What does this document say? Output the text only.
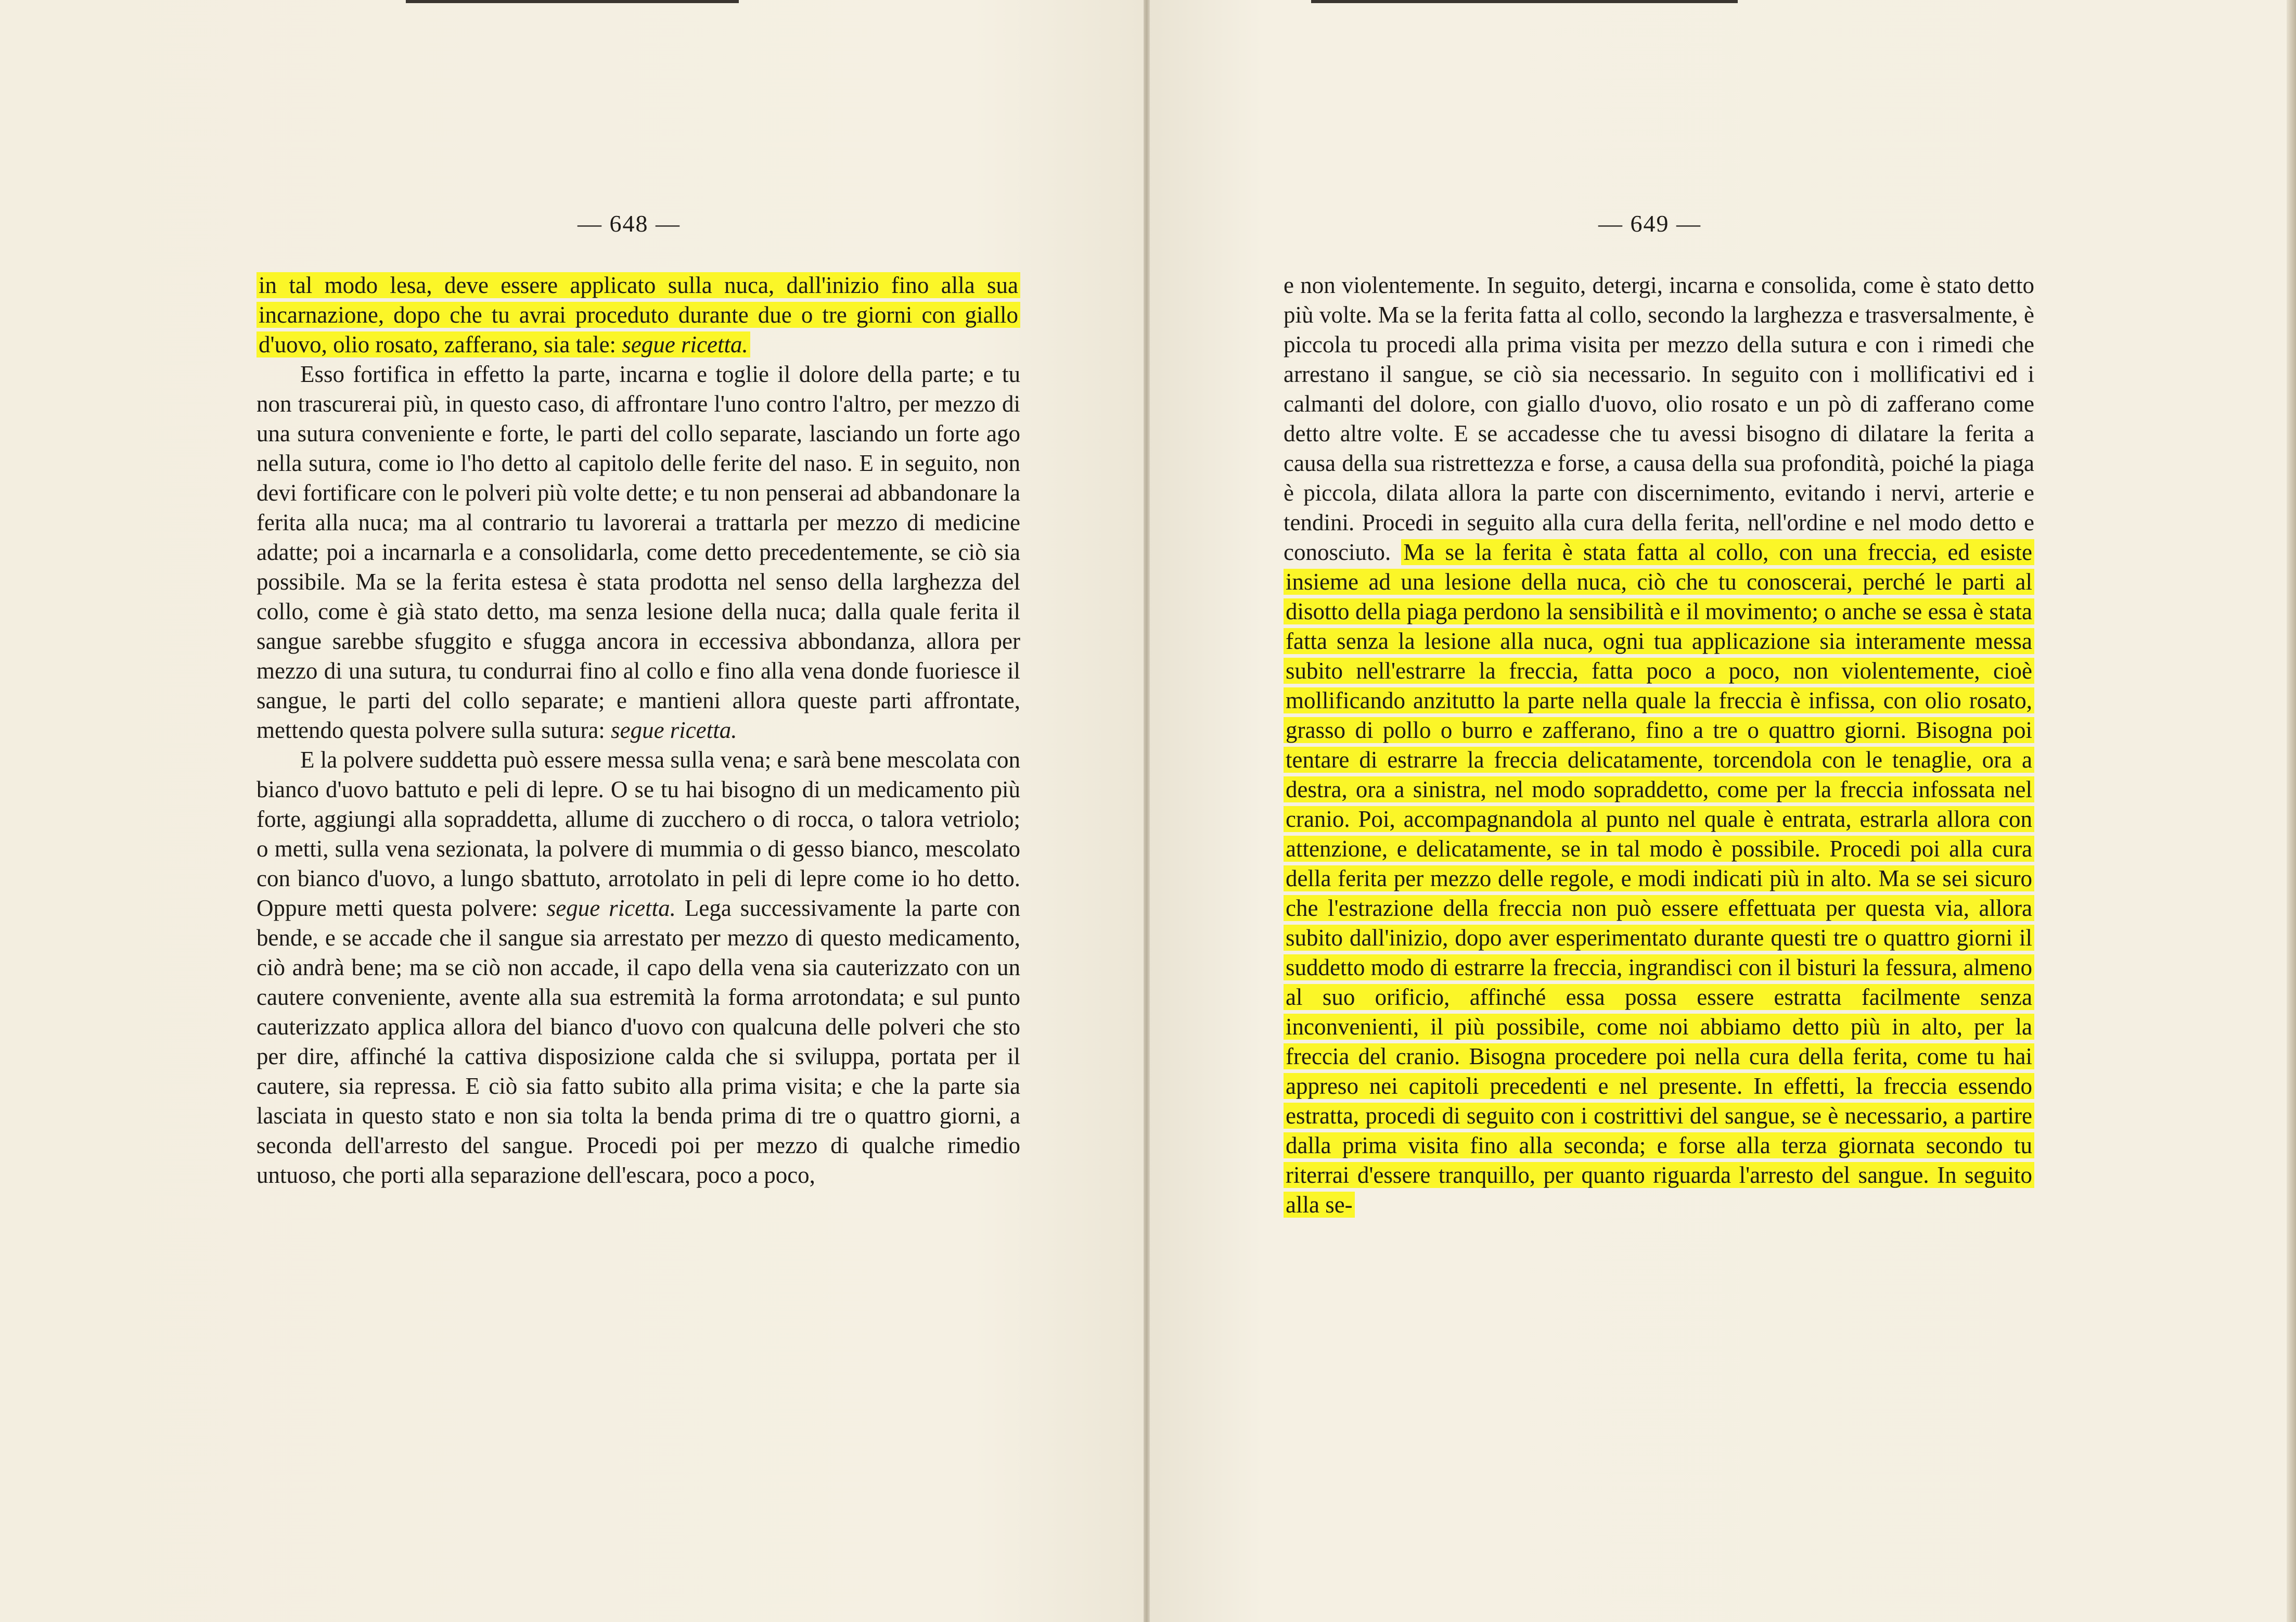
— 648 —	— 649 —

in tal modo lesa, deve essere applicato sulla nuca, dall'inizio fino alla sua incarnazione, dopo che tu avrai proceduto durante due o tre giorni con giallo d'uovo, olio rosato, zafferano, sia tale: segue ricetta.

Esso fortifica in effetto la parte, incarna e toglie il dolore della parte; e tu non trascurerai più, in questo caso, di affrontare l'uno contro l'altro, per mezzo di una sutura conveniente e forte, le parti del collo separate, lasciando un forte ago nella sutura, come io l'ho detto al capitolo delle ferite del naso. E in seguito, non devi fortificare con le polveri più volte dette; e tu non penserai ad abbandonare la ferita alla nuca; ma al contrario tu lavorerai a trattarla per mezzo di medicine adatte; poi a incarnarla e a consolidarla, come detto precedentemente, se ciò sia possibile. Ma se la ferita estesa è stata prodotta nel senso della larghezza del collo, come è già stato detto, ma senza lesione della nuca; dalla quale ferita il sangue sarebbe sfuggito e sfugga ancora in eccessiva abbondanza, allora per mezzo di una sutura, tu condurrai fino al collo e fino alla vena donde fuoriesce il sangue, le parti del collo separate; e mantieni allora queste parti affrontate, mettendo questa polvere sulla sutura: segue ricetta.

E la polvere suddetta può essere messa sulla vena; e sarà bene mescolata con bianco d'uovo battuto e peli di lepre. O se tu hai bisogno di un medicamento più forte, aggiungi alla sopraddetta, allume di zucchero o di rocca, o talora vetriolo; o metti, sulla vena sezionata, la polvere di mummia o di gesso bianco, mescolato con bianco d'uovo, a lungo sbattuto, arrotolato in peli di lepre come io ho detto. Oppure metti questa polvere: segue ricetta. Lega successivamente la parte con bende, e se accade che il sangue sia arrestato per mezzo di questo medicamento, ciò andrà bene; ma se ciò non accade, il capo della vena sia cauterizzato con un cautere conveniente, avente alla sua estremità la forma arrotondata; e sul punto cauterizzato applica allora del bianco d'uovo con qualcuna delle polveri che sto per dire, affinché la cattiva disposizione calda che si sviluppa, portata per il cautere, sia repressa. E ciò sia fatto subito alla prima visita; e che la parte sia lasciata in questo stato e non sia tolta la benda prima di tre o quattro giorni, a seconda dell'arresto del sangue. Procedi poi per mezzo di qualche rimedio untuoso, che porti alla separazione dell'escara, poco a poco,

e non violentemente. In seguito, detergi, incarna e consolida, come è stato detto più volte. Ma se la ferita fatta al collo, secondo la larghezza e trasversalmente, è piccola tu procedi alla prima visita per mezzo della sutura e con i rimedi che arrestano il sangue, se ciò sia necessario. In seguito con i mollificativi ed i calmanti del dolore, con giallo d'uovo, olio rosato e un pò di zafferano come detto altre volte. E se accadesse che tu avessi bisogno di dilatare la ferita a causa della sua ristrettezza e forse, a causa della sua profondità, poiché la piaga è piccola, dilata allora la parte con discernimento, evitando i nervi, arterie e tendini. Procedi in seguito alla cura della ferita, nell'ordine e nel modo detto e conosciuto. Ma se la ferita è stata fatta al collo, con una freccia, ed esiste insieme ad una lesione della nuca, ciò che tu conoscerai, perché le parti al disotto della piaga perdono la sensibilità e il movimento; o anche se essa è stata fatta senza la lesione alla nuca, ogni tua applicazione sia interamente messa subito nell'estrarre la freccia, fatta poco a poco, non violentemente, cioè mollificando anzitutto la parte nella quale la freccia è infissa, con olio rosato, grasso di pollo o burro e zafferano, fino a tre o quattro giorni. Bisogna poi tentare di estrarre la freccia delicatamente, torcendola con le tenaglie, ora a destra, ora a sinistra, nel modo sopraddetto, come per la freccia infossata nel cranio. Poi, accompagnandola al punto nel quale è entrata, estrarla allora con attenzione, e delicatamente, se in tal modo è possibile. Procedi poi alla cura della ferita per mezzo delle regole, e modi indicati più in alto. Ma se sei sicuro che l'estrazione della freccia non può essere effettuata per questa via, allora subito dall'inizio, dopo aver esperimentato durante questi tre o quattro giorni il suddetto modo di estrarre la freccia, ingrandisci con il bisturi la fessura, almeno al suo orificio, affinché essa possa essere estratta facilmente senza inconvenienti, il più possibile, come noi abbiamo detto più in alto, per la freccia del cranio. Bisogna procedere poi nella cura della ferita, come tu hai appreso nei capitoli precedenti e nel presente. In effetti, la freccia essendo estratta, procedi di seguito con i costrittivi del sangue, se è necessario, a partire dalla prima visita fino alla seconda; e forse alla terza giornata secondo tu riterrai d'essere tranquillo, per quanto riguarda l'arresto del sangue. In seguito alla se-
